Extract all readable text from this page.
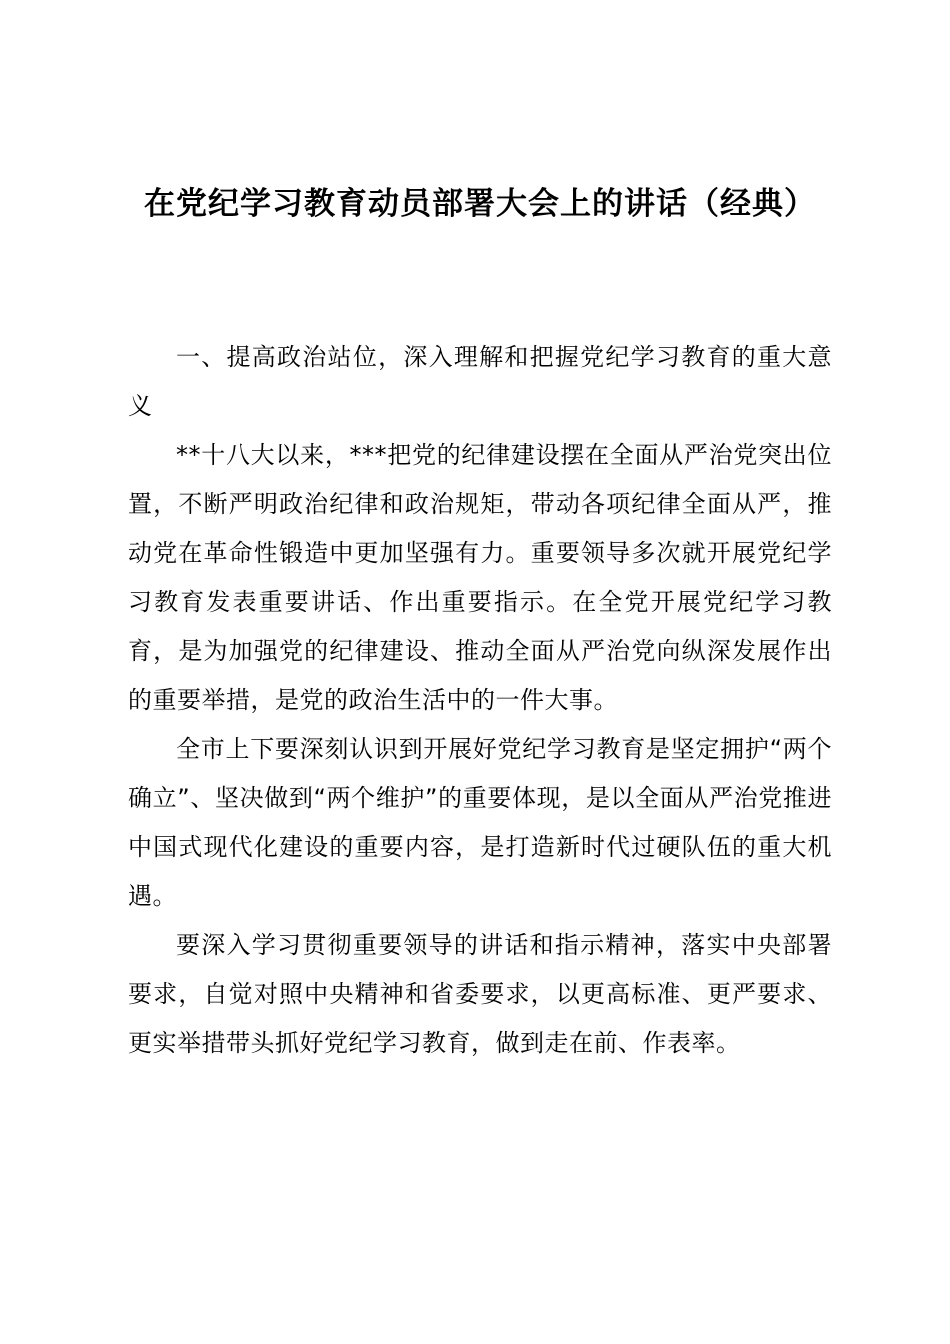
在党纪学习教育动员部署大会上的讲话（经典）

一、提高政治站位，深入理解和把握党纪学习教育的重大意义

**十八大以来，***把党的纪律建设摆在全面从严治党突出位置，不断严明政治纪律和政治规矩，带动各项纪律全面从严，推动党在革命性锻造中更加坚强有力。重要领导多次就开展党纪学习教育发表重要讲话、作出重要指示。在全党开展党纪学习教育，是为加强党的纪律建设、推动全面从严治党向纵深发展作出的重要举措，是党的政治生活中的一件大事。

全市上下要深刻认识到开展好党纪学习教育是坚定拥护“两个确立”、坚决做到“两个维护”的重要体现，是以全面从严治党推进中国式现代化建设的重要内容，是打造新时代过硬队伍的重大机遇。

要深入学习贯彻重要领导的讲话和指示精神，落实中央部署要求，自觉对照中央精神和省委要求，以更高标准、更严要求、更实举措带头抓好党纪学习教育，做到走在前、作表率。
